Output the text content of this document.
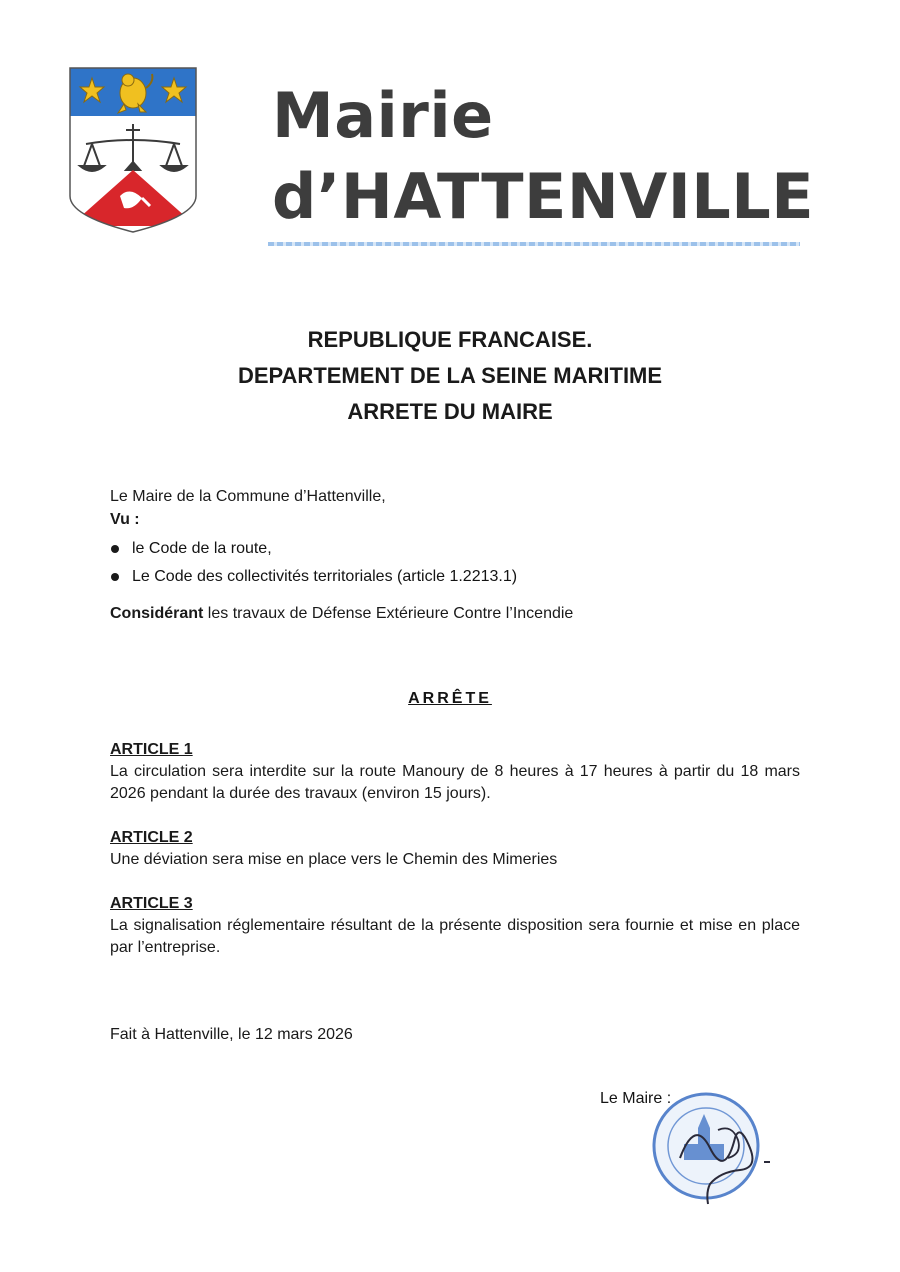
Mairie
d’HATTENVILLE
REPUBLIQUE FRANCAISE.
DEPARTEMENT DE LA SEINE MARITIME
ARRETE DU MAIRE
Le Maire de la Commune d’Hattenville,
Vu :
le Code de la route,
Le Code des collectivités territoriales (article 1.2213.1)
Considérant les travaux de Défense Extérieure Contre l’Incendie
ARRÊTE
ARTICLE 1
La circulation sera interdite sur la route Manoury de 8 heures à 17 heures à partir du 18 mars 2026 pendant la durée des travaux (environ 15 jours).
ARTICLE 2
Une déviation sera mise en place vers le Chemin des Mimeries
ARTICLE 3
La signalisation réglementaire résultant de la présente disposition sera fournie et mise en place par l’entreprise.
Fait à Hattenville, le 12 mars 2026
Le Maire :
